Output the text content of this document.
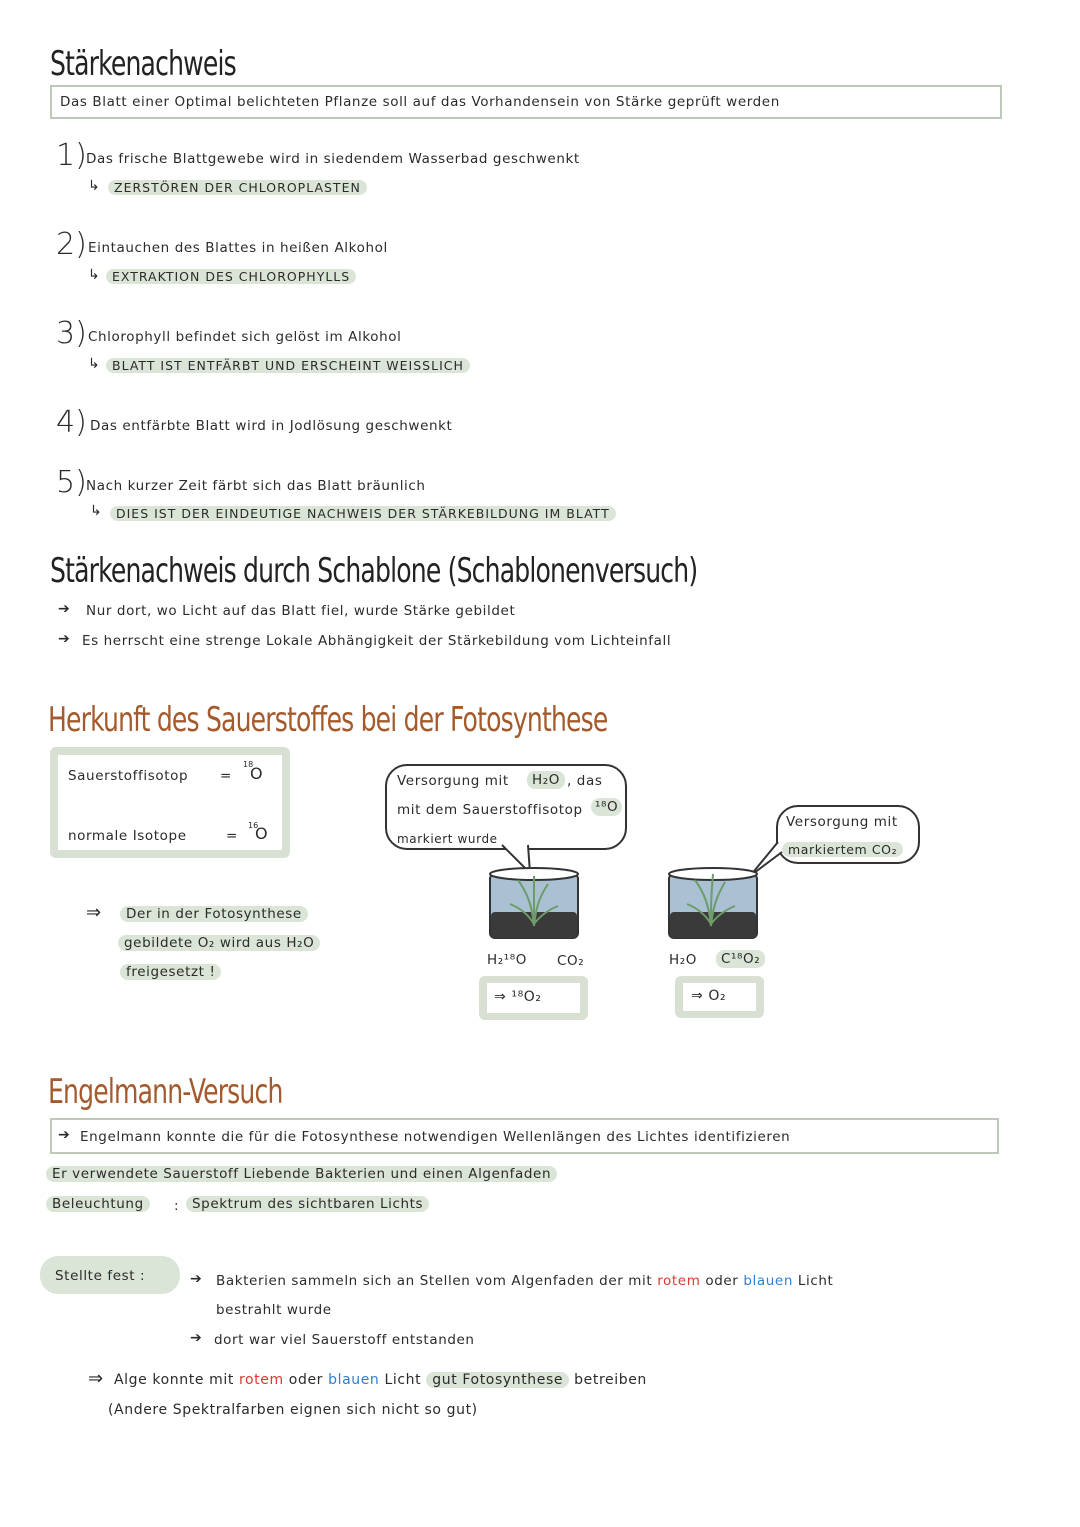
Stärkenachweis
Das Blatt einer Optimal belichteten Pflanze soll auf das Vorhandensein von Stärke geprüft werden
1) Das frische Blattgewebe wird in siedendem Wasserbad geschwenkt
↳	ZERSTÖREN DER CHLOROPLASTEN
2) Eintauchen des Blattes in heißen Alkohol
↳ EXTRAKTION DES CHLOROPHYLLS
3) Chlorophyll befindet sich gelöst im Alkohol
↳ BLATT IST ENTFÄRBT UND ERSCHEINT WEISSLICH
4) Das entfärbte Blatt wird in Jodlösung geschwenkt
5) Nach kurzer Zeit färbt sich das Blatt bräunlich
↳	DIES IST DER EINDEUTIGE NACHWEIS DER STÄRKEBILDUNG IM BLATT
Stärkenachweis durch Schablone (Schablonenversuch)
➔ Nur dort, wo Licht auf das Blatt fiel, wurde Stärke gebildet
➔ Es herrscht eine strenge Lokale Abhängigkeit der Stärkebildung vom Lichteinfall
Herkunft des Sauerstoffes bei der Fotosynthese
Sauerstoffisotop =
18
O
normale Isotope	=
16
O
⇒	Der in der Fotosynthese
gebildete O₂ wird aus H₂O
freigesetzt !
Versorgung mit	H₂O , das
mit dem Sauerstoffisotop ¹⁸O
markiert wurde
Versorgung mit
markiertem CO₂
H₂¹⁸O CO₂
⇒ ¹⁸O₂
H₂O	C¹⁸O₂
⇒ O₂
Engelmann-Versuch
➔ Engelmann konnte die für die Fotosynthese notwendigen Wellenlängen des Lichtes identifizieren
Er verwendete Sauerstoff Liebende Bakterien und einen Algenfaden
Beleuchtung	: Spektrum des sichtbaren Lichts
Stellte fest :	➔ Bakterien sammeln sich an Stellen vom Algenfaden der mit rotem oder blauen Licht
bestrahlt wurde
➔ dort war viel Sauerstoff entstanden
⇒ Alge konnte mit rotem oder blauen Licht gut Fotosynthese betreiben
(Andere Spektralfarben eignen sich nicht so gut)
